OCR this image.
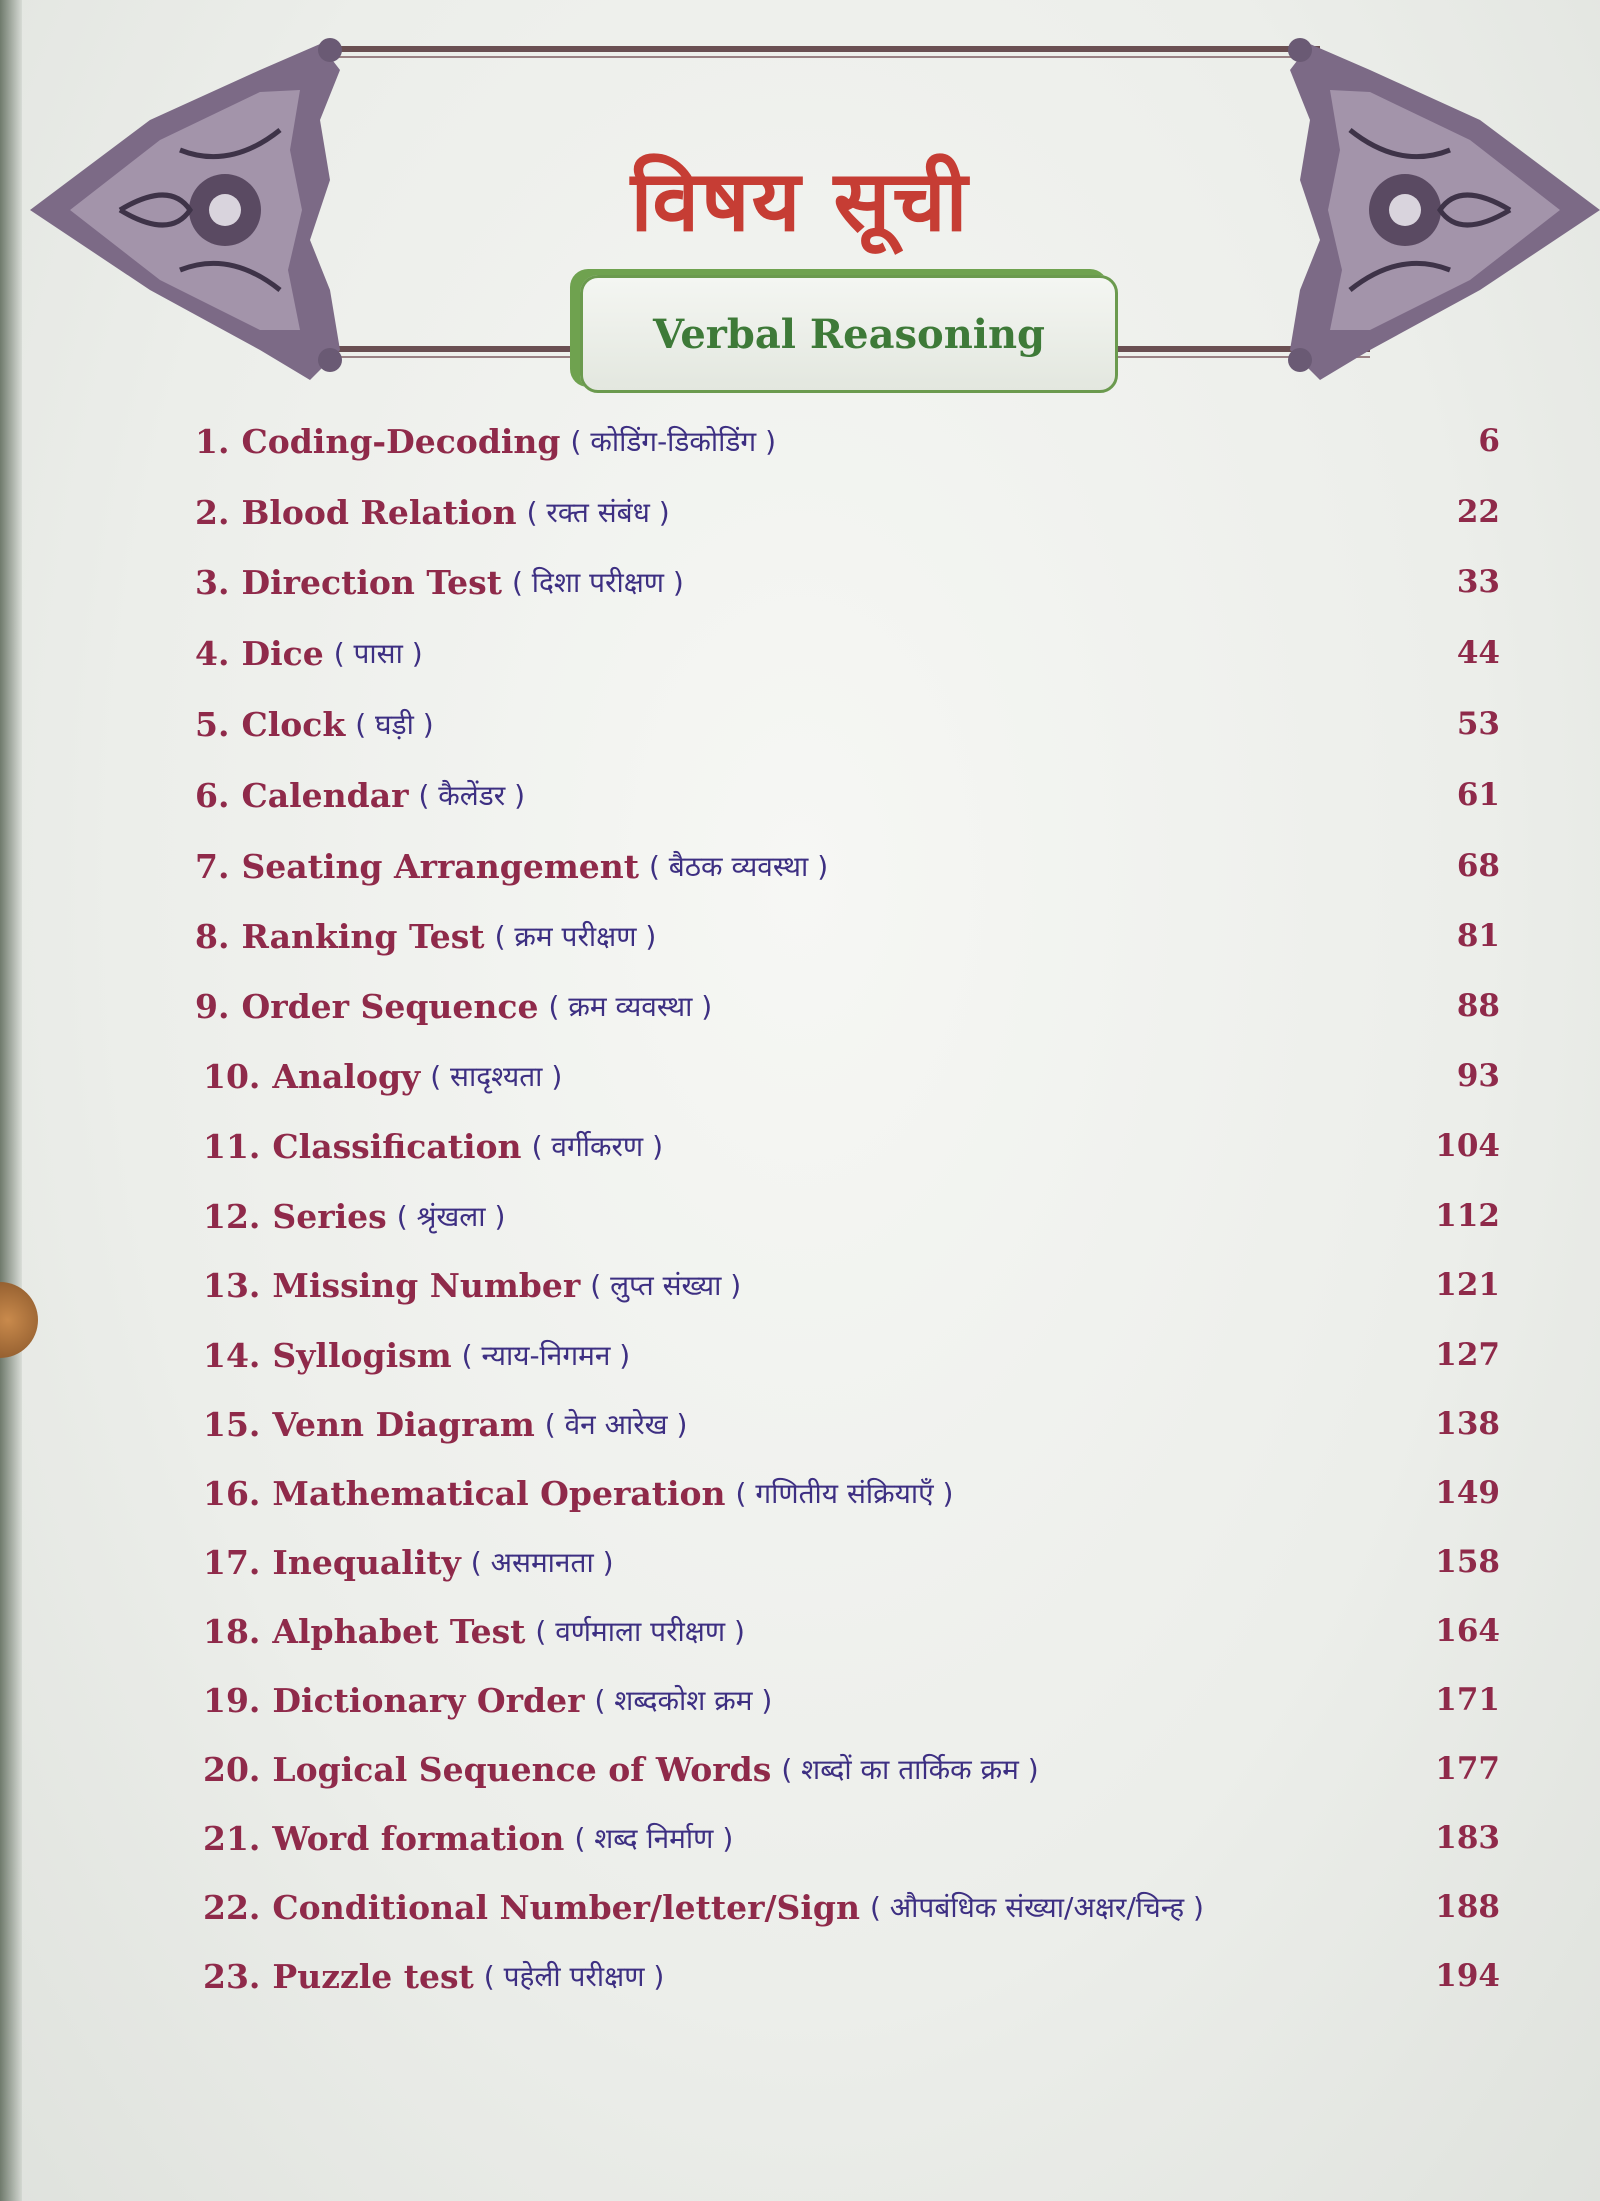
विषय सूची
Verbal Reasoning
1. Coding-Decoding ( कोडिंग-डिकोडिंग )	6
2. Blood Relation ( रक्त संबंध )	22
3. Direction Test ( दिशा परीक्षण )	33
4. Dice ( पासा )	44
5. Clock ( घड़ी )	53
6. Calendar ( कैलेंडर )	61
7. Seating Arrangement ( बैठक व्यवस्था )	68
8. Ranking Test ( क्रम परीक्षण )	81
9. Order Sequence ( क्रम व्यवस्था )	88
10. Analogy ( सादृश्यता )	93
11. Classification ( वर्गीकरण )	104
12. Series ( श्रृंखला )	112
13. Missing Number ( लुप्त संख्या )	121
14. Syllogism ( न्याय-निगमन )	127
15. Venn Diagram ( वेन आरेख )	138
16. Mathematical Operation ( गणितीय संक्रियाएँ )	149
17. Inequality ( असमानता )	158
18. Alphabet Test ( वर्णमाला परीक्षण )	164
19. Dictionary Order ( शब्दकोश क्रम )	171
20. Logical Sequence of Words ( शब्दों का तार्किक क्रम )	177
21. Word formation ( शब्द निर्माण )	183
22. Conditional Number/letter/Sign ( औपबंधिक संख्या/अक्षर/चिन्ह )	188
23. Puzzle test ( पहेली परीक्षण )	194
